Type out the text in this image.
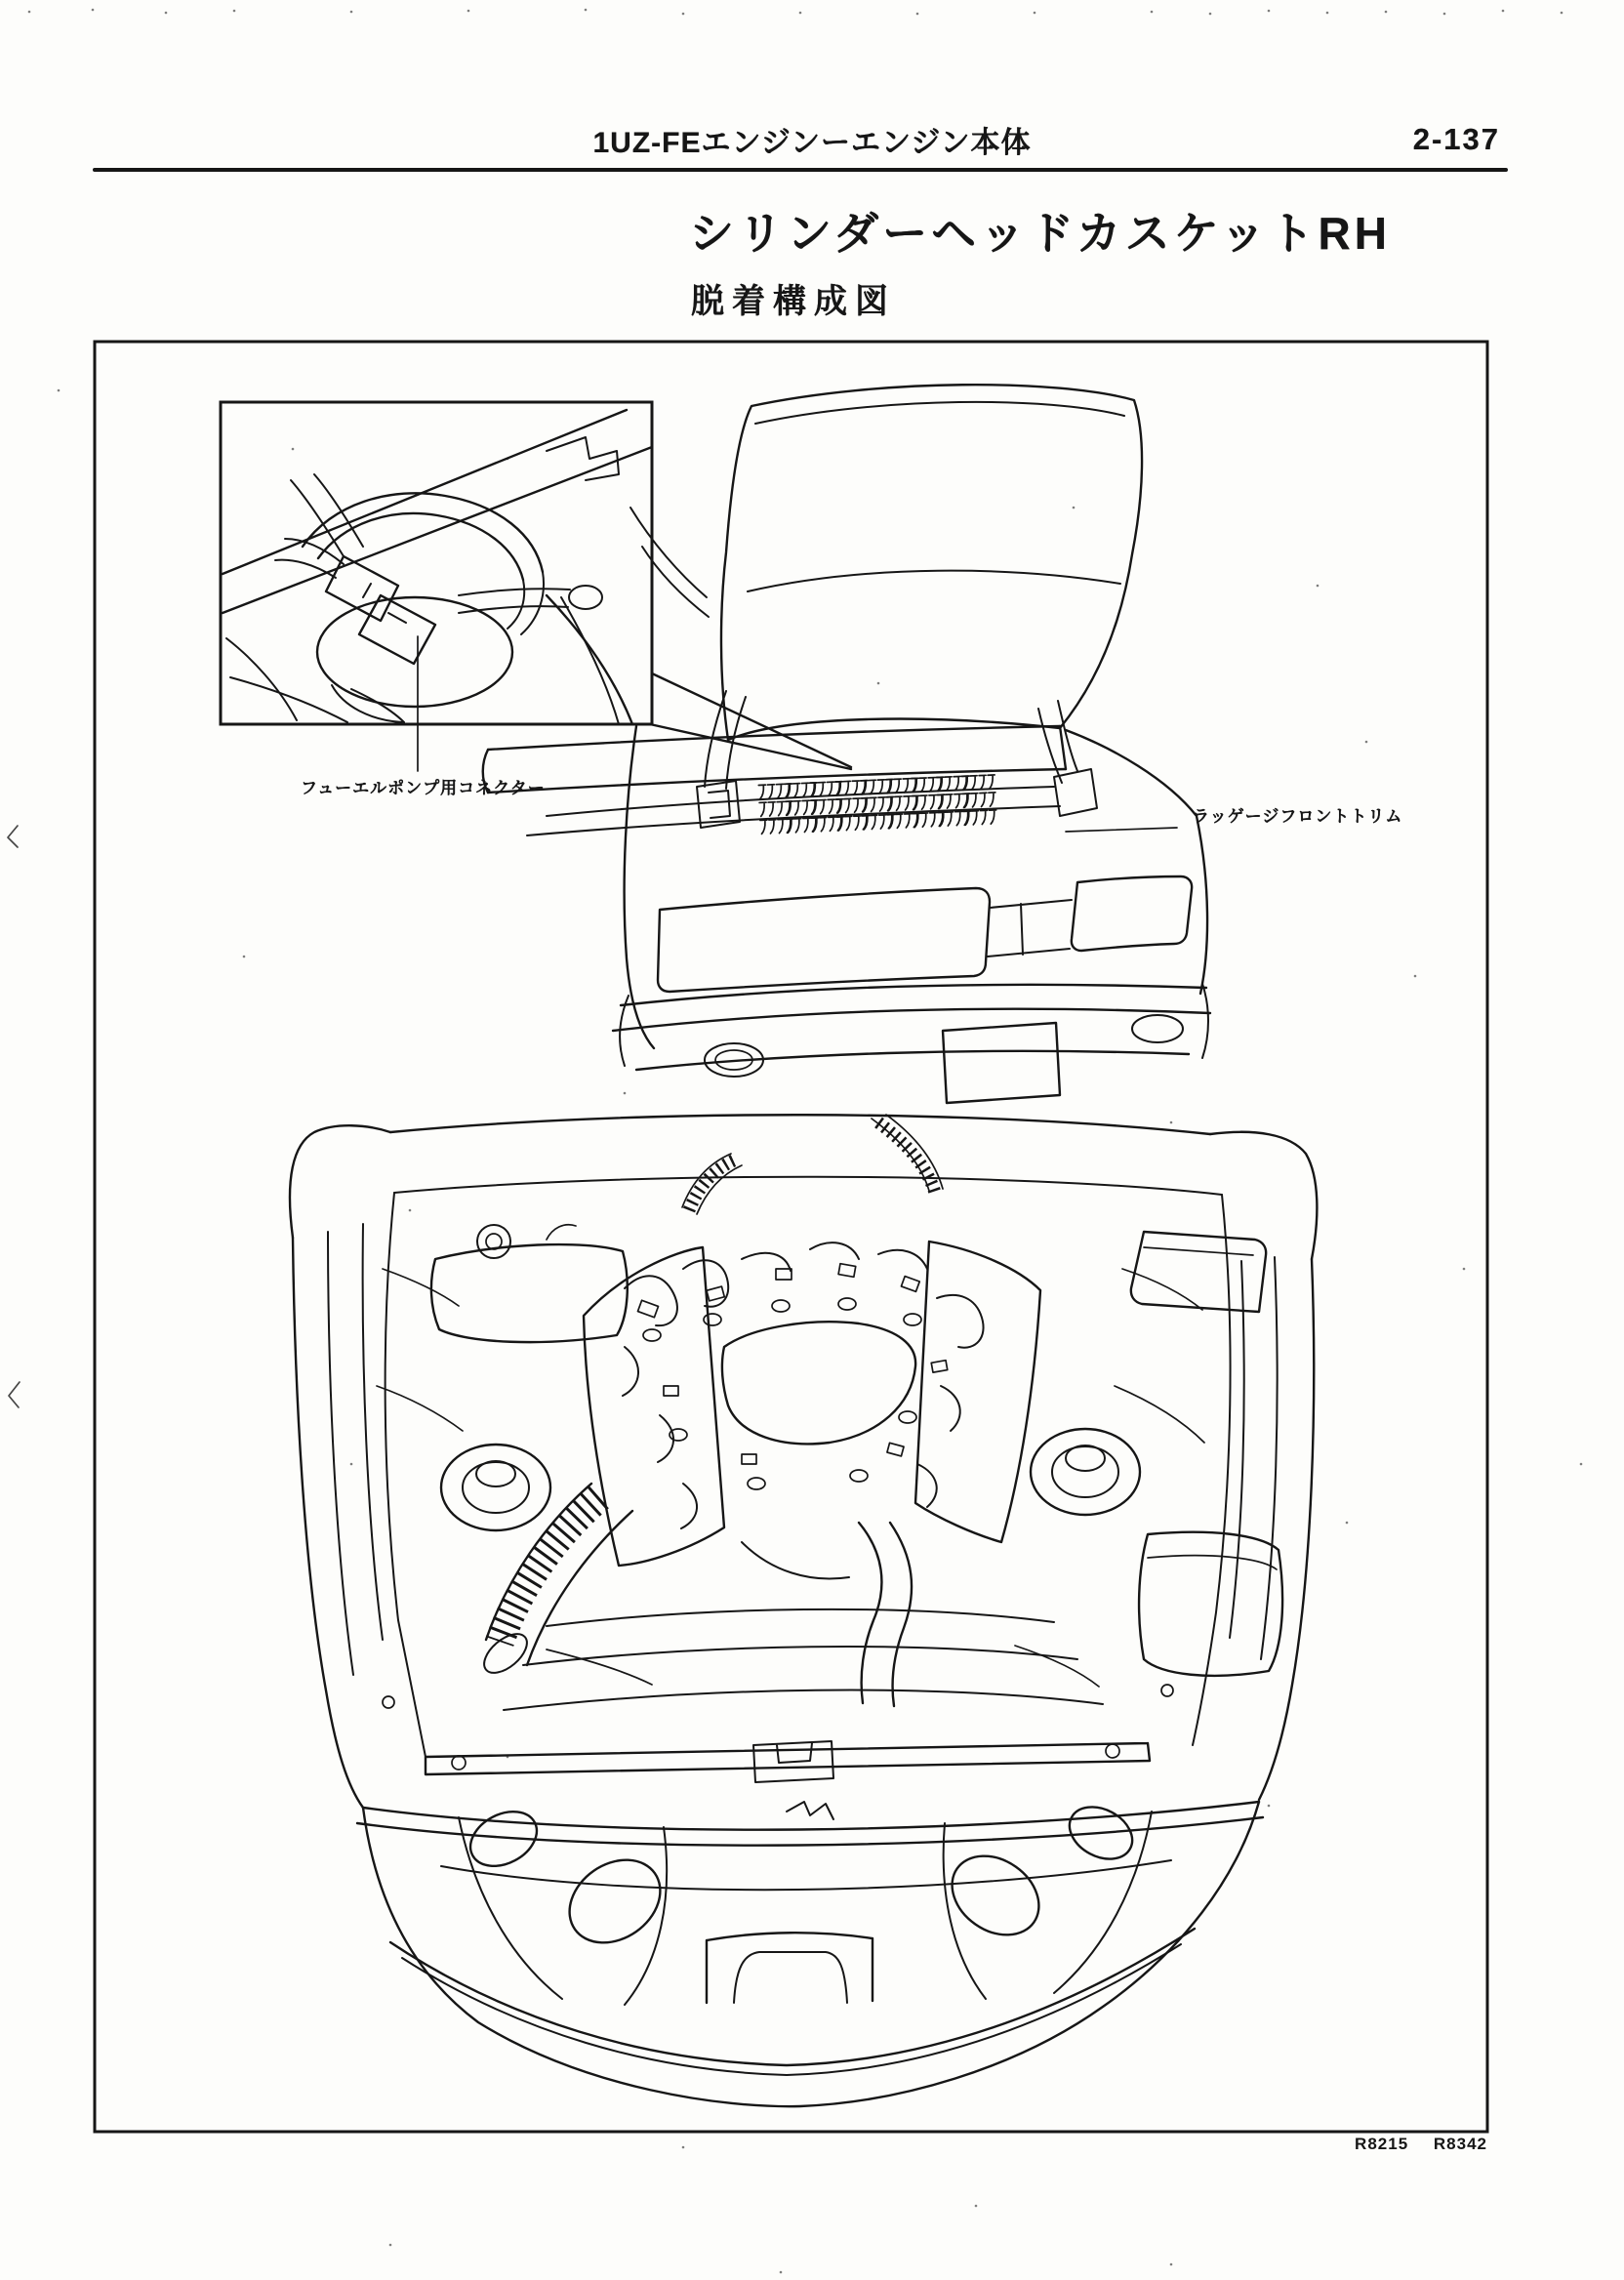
1UZ-FEエンジンーエンジン本体	2-137
シリンダーヘッドカスケットRH
脱着構成図
フューエルポンプ用コネクター
ラッゲージフロントトリム
R8215 R8342
